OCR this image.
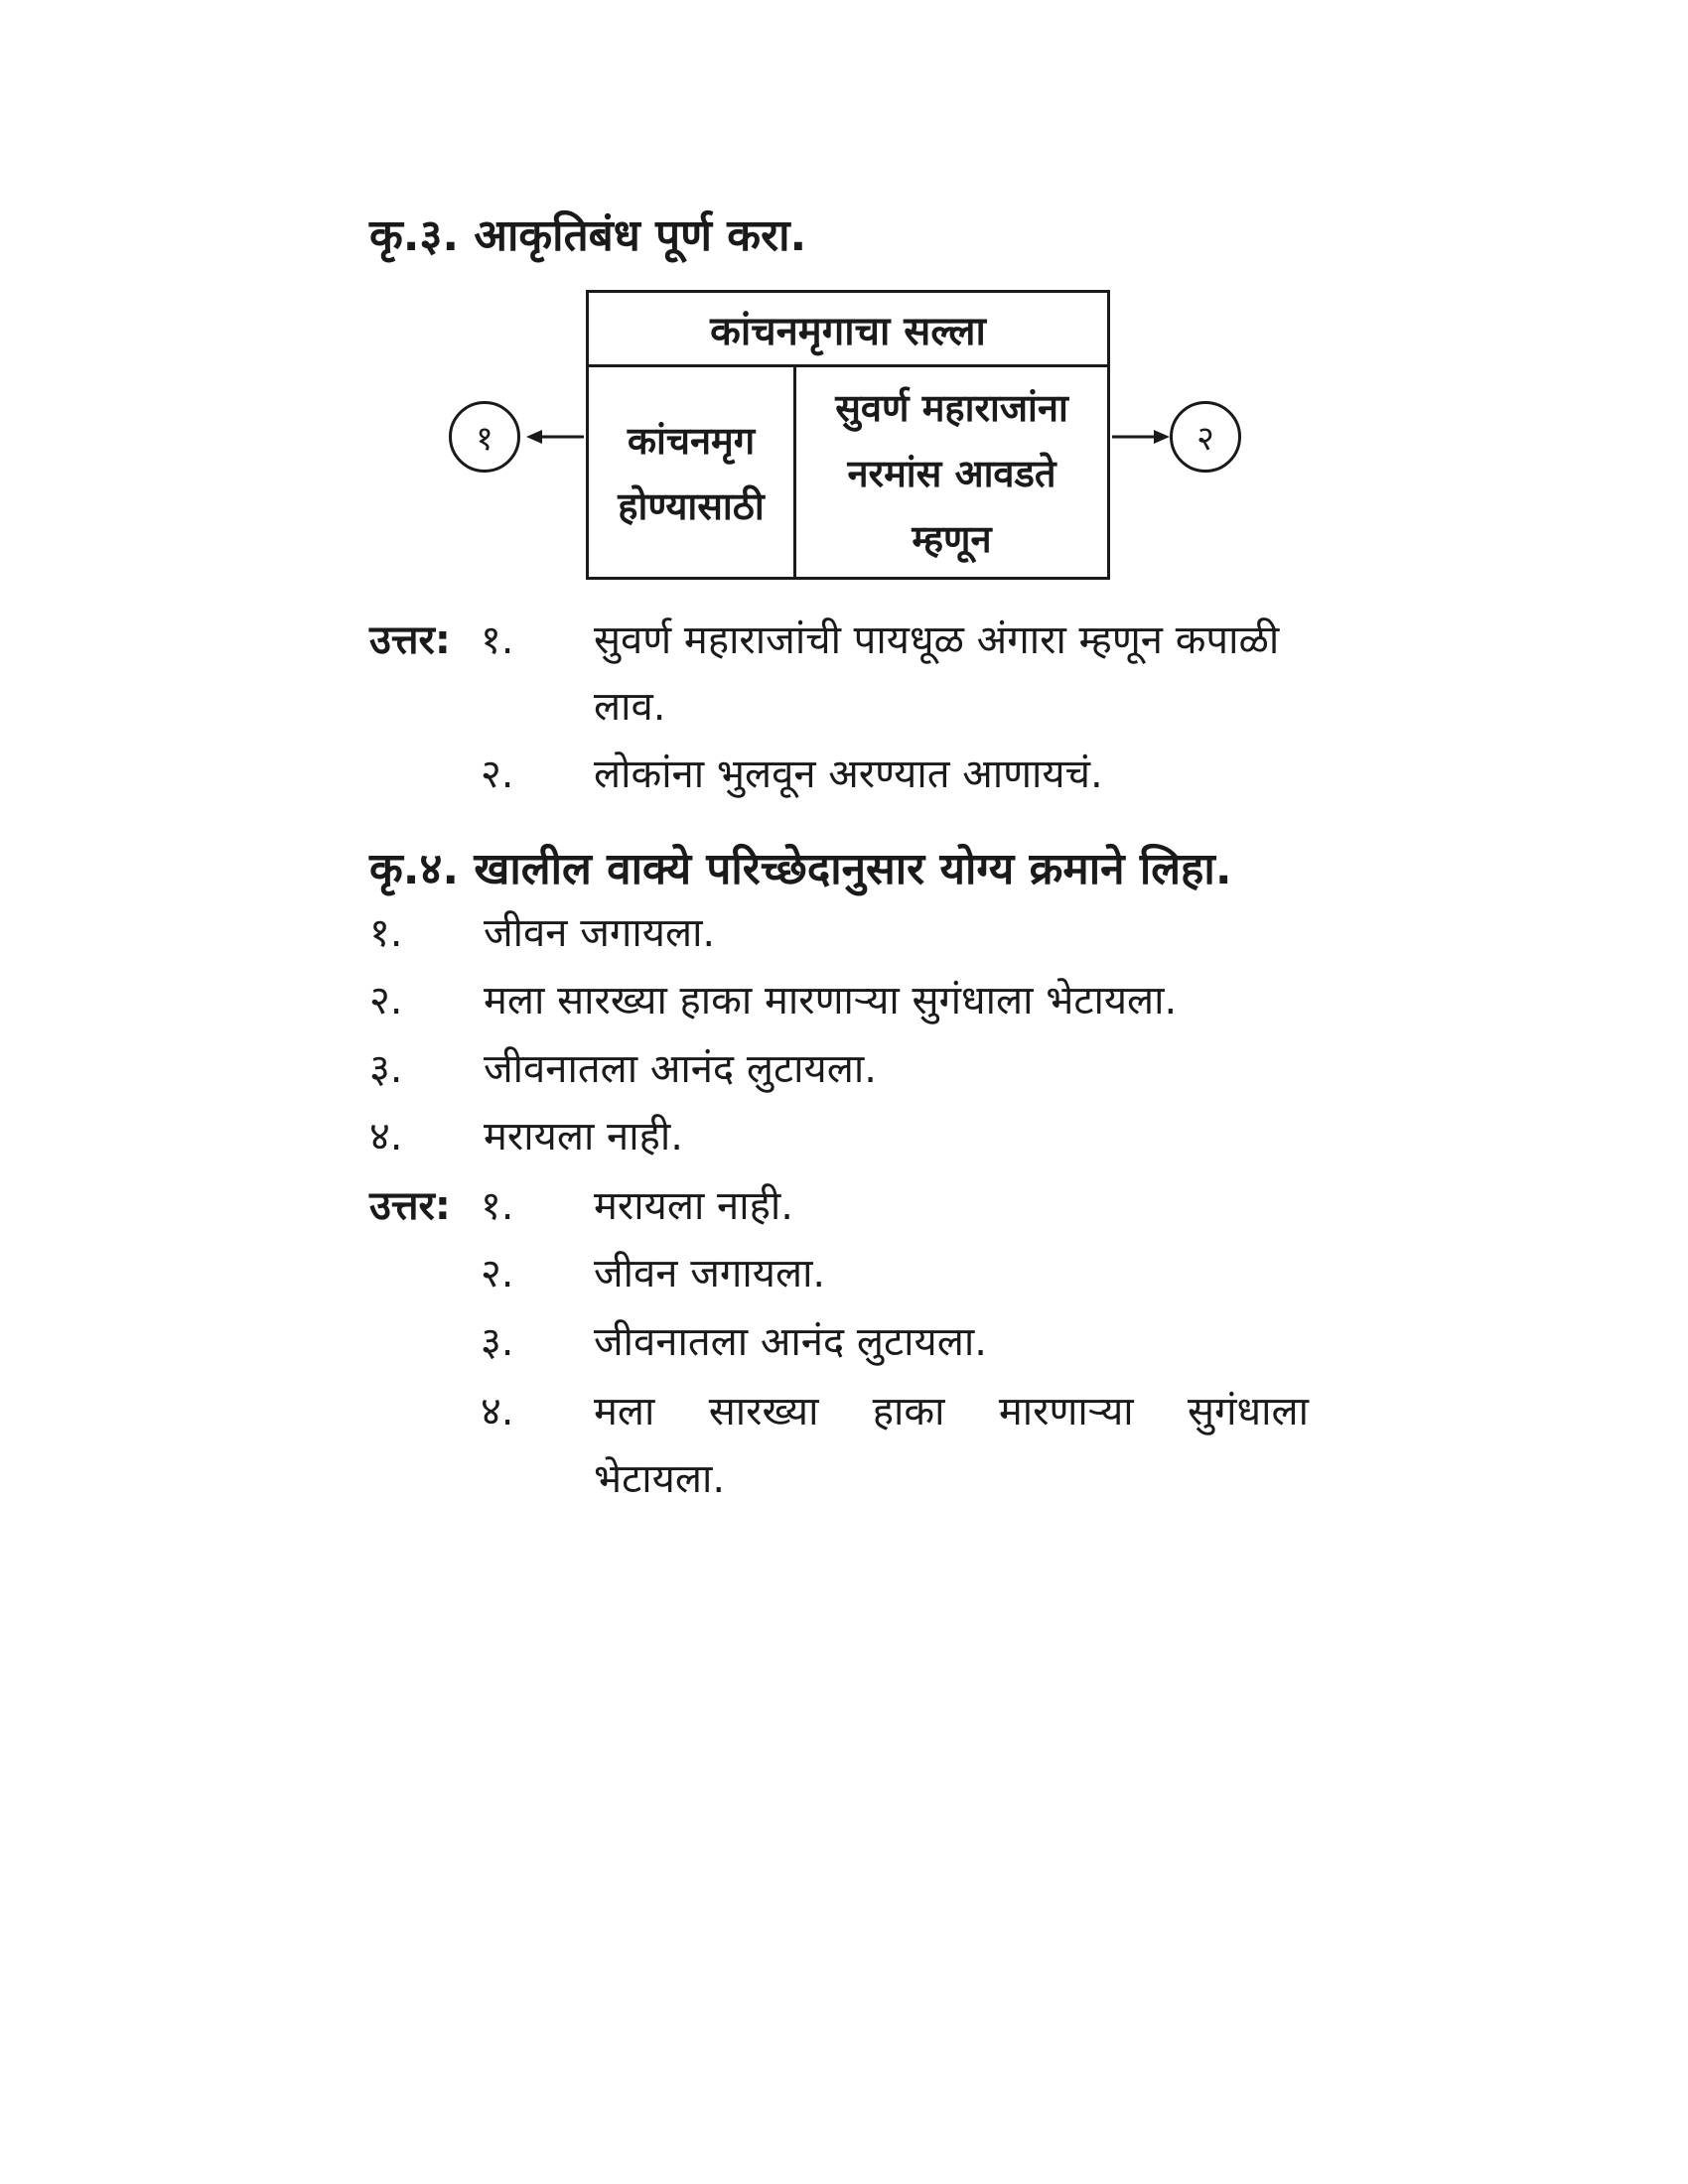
कृ.३. आकृतिबंध पूर्ण करा.
१	२
कांचनमृगाचा सल्ला
कांचनमृग
होण्यासाठी
सुवर्ण महाराजांना
नरमांस आवडते
म्हणून
उत्तर: १. सुवर्ण महाराजांची पायधूळ अंगारा म्हणून कपाळी
लाव.
२. लोकांना भुलवून अरण्यात आणायचं.
कृ.४. खालील वाक्ये परिच्छेदानुसार योग्य क्रमाने लिहा.
१. जीवन जगायला.
२. मला सारख्या हाका मारणाऱ्या सुगंधाला भेटायला.
३. जीवनातला आनंद लुटायला.
४. मरायला नाही.
उत्तर: १. मरायला नाही.
२. जीवन जगायला.
३. जीवनातला आनंद लुटायला.
४. मला सारख्या हाका मारणाऱ्या सुगंधाला
भेटायला.
